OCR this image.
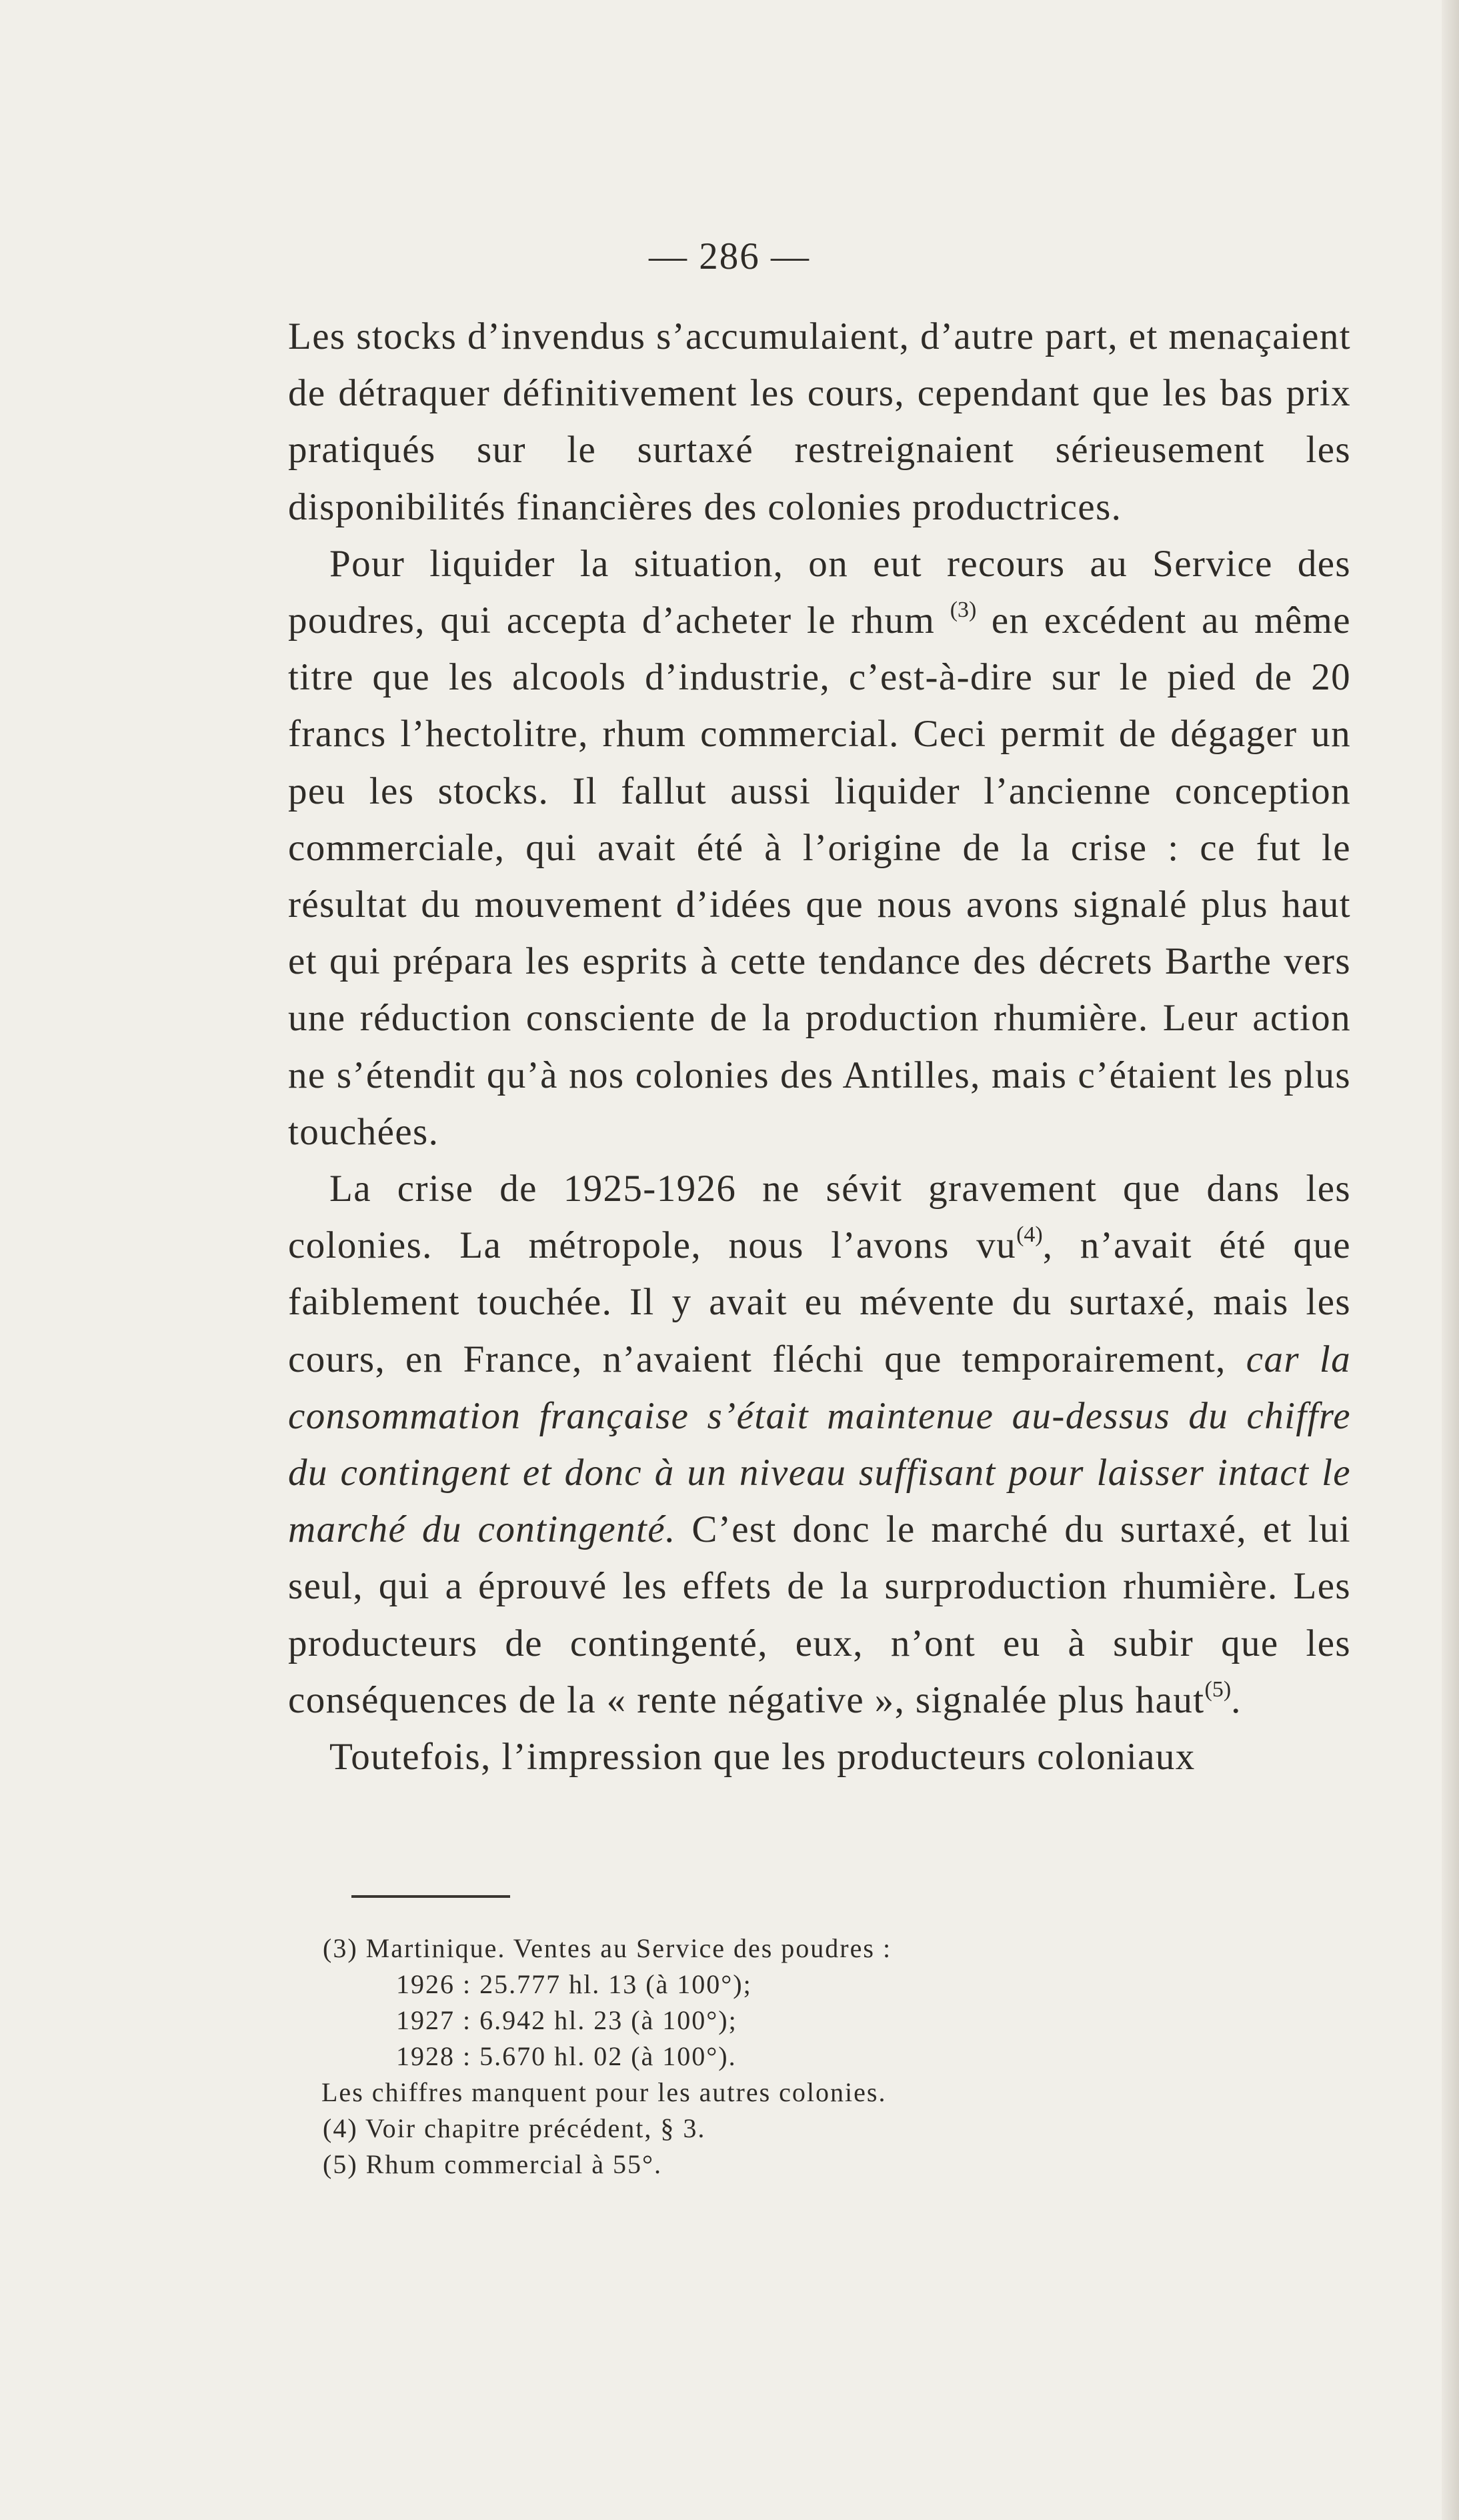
— 286 —

Les stocks d’invendus s’accumulaient, d’autre part, et menaçaient de détraquer définitivement les cours, cependant que les bas prix pratiqués sur le surtaxé restreignaient sérieusement les disponibilités financières des colonies productrices.

Pour liquider la situation, on eut recours au Service des poudres, qui accepta d’acheter le rhum $^{(3)}$ en excédent au même titre que les alcools d’industrie, c’est-à-dire sur le pied de 20 francs l’hectolitre, rhum commercial. Ceci permit de dégager un peu les stocks. Il fallut aussi liquider l’ancienne conception commerciale, qui avait été à l’origine de la crise : ce fut le résultat du mouvement d’idées que nous avons signalé plus haut et qui prépara les esprits à cette tendance des décrets Barthe vers une réduction consciente de la production rhumière. Leur action ne s’étendit qu’à nos colonies des Antilles, mais c’étaient les plus touchées.

La crise de 1925-1926 ne sévit gravement que dans les colonies. La métropole, nous l’avons $vu^{(4)}$, n’avait été que faiblement touchée. Il y avait eu mévente du surtaxé, mais les cours, en France, n’avaient fléchi que temporairement, car la consommation française s’était maintenue au-dessus du chiffre du contingent et donc à un niveau suffisant pour laisser intact le marché du contingenté. C’est donc le marché du surtaxé, et lui seul, qui a éprouvé les effets de la surproduction rhumière. Les producteurs de contingenté, eux, n’ont eu à subir que les conséquences de la « rente négative », signalée plus haut$^{(5)}$.

Toutefois, l’impression que les producteurs coloniaux

(3) Martinique. Ventes au Service des poudres :

1926 : 25.777 hl. 13 (à 100°);

1927 : 6.942 hl. 23 (à 100°);

1928 : 5.670 hl. 02 (à 100°).

Les chiffres manquent pour les autres colonies.

(4) Voir chapitre précédent, § 3.

(5) Rhum commercial à 55°.
